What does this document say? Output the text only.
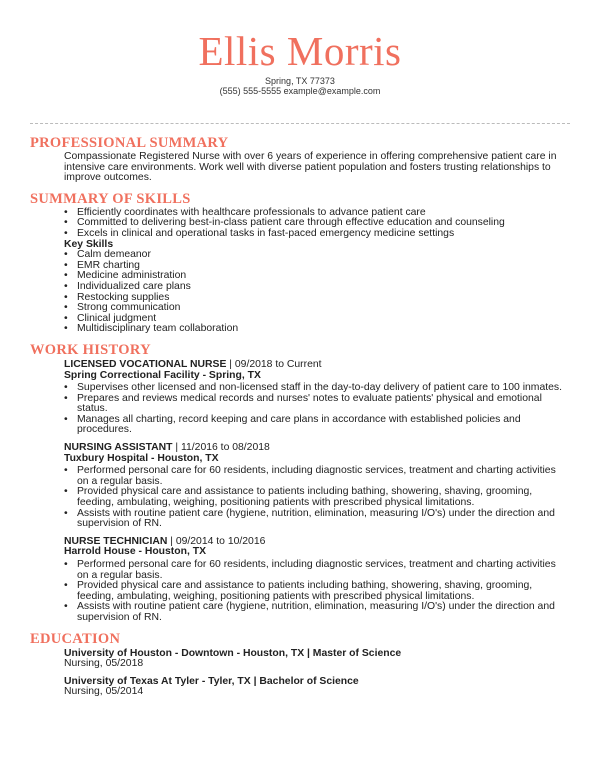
Ellis Morris
Spring, TX 77373
(555) 555-5555 example@example.com
PROFESSIONAL SUMMARY
Compassionate Registered Nurse with over 6 years of experience in offering comprehensive patient care in intensive care environments. Work well with diverse patient population and fosters trusting relationships to improve outcomes.
SUMMARY OF SKILLS
• Efficiently coordinates with healthcare professionals to advance patient care
• Committed to delivering best-in-class patient care through effective education and counseling
• Excels in clinical and operational tasks in fast-paced emergency medicine settings
Key Skills
• Calm demeanor
• EMR charting
• Medicine administration
• Individualized care plans
• Restocking supplies
• Strong communication
• Clinical judgment
• Multidisciplinary team collaboration
WORK HISTORY
LICENSED VOCATIONAL NURSE | 09/2018 to Current
Spring Correctional Facility - Spring, TX
• Supervises other licensed and non-licensed staff in the day-to-day delivery of patient care to 100 inmates.
• Prepares and reviews medical records and nurses' notes to evaluate patients' physical and emotional status.
• Manages all charting, record keeping and care plans in accordance with established policies and procedures.
NURSING ASSISTANT | 11/2016 to 08/2018
Tuxbury Hospital - Houston, TX
• Performed personal care for 60 residents, including diagnostic services, treatment and charting activities on a regular basis.
• Provided physical care and assistance to patients including bathing, showering, shaving, grooming, feeding, ambulating, weighing, positioning patients with prescribed physical limitations.
• Assists with routine patient care (hygiene, nutrition, elimination, measuring I/O's) under the direction and supervision of RN.
NURSE TECHNICIAN | 09/2014 to 10/2016
Harrold House - Houston, TX
• Performed personal care for 60 residents, including diagnostic services, treatment and charting activities on a regular basis.
• Provided physical care and assistance to patients including bathing, showering, shaving, grooming, feeding, ambulating, weighing, positioning patients with prescribed physical limitations.
• Assists with routine patient care (hygiene, nutrition, elimination, measuring I/O's) under the direction and supervision of RN.
EDUCATION
University of Houston - Downtown - Houston, TX | Master of Science
Nursing, 05/2018
University of Texas At Tyler - Tyler, TX | Bachelor of Science
Nursing, 05/2014
